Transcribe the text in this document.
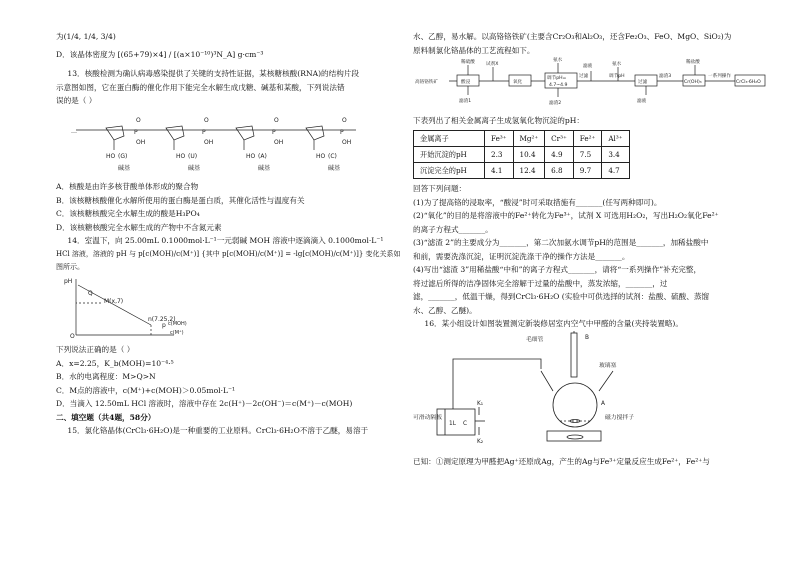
为(1/4, 1/4, 3/4)

D．该晶体密度为 [(65+79)×4] / [(a×10⁻¹⁰)³N_A] g·cm⁻³

13．核酸检测为确认病毒感染提供了关键的支持性证据，某核糖核酸(RNA)的结构片段

示意图如图，它在蛋白酶的催化作用下能完全水解生成戊糖、碱基和某酸，下列说法错

误的是（ ）

…
O
P
OH
O
P
OH
O
P
OH
O
P
OH
HO	HO	HO	HO
(G)	(U)	(A)	(C)
碱基	碱基	碱基	碱基

A．核酸是由许多核苷酸单体形成的聚合物

B．该核糖核酸催化水解所使用的蛋白酶是蛋白质，其催化活性与温度有关

C．该核糖核酸完全水解生成的酸是H₃PO₄

D．该核糖核酸完全水解生成的产物中不含氮元素

14．室温下，向 25.00mL 0.1000mol·L⁻¹一元弱碱 MOH 溶液中逐滴滴入 0.1000mol·L⁻¹

HCl 溶液，溶液的 pH 与 p[c(MOH)/c(M⁺)] {其中 p[c(MOH)/c(M⁺)] = -lg[c(MOH)/c(M⁺)]} 变化关系如图所示。

pH
Q
M(x,7)
n(7.25,2)
O
p c(MOH)
c(M⁺)

下列说法正确的是（ ）

A．x=2.25，K_b(MOH)=10⁻⁴·⁵

B．水的电离程度：M>Q>N

C．M点的溶液中，c(M⁺)+c(MOH)＞0.05mol·L⁻¹

D．当滴入 12.50mL HCl 溶液时，溶液中存在 2c(H⁺)－2c(OH⁻)＝c(M⁺)－c(MOH)

二、填空题（共4题，58分）

15．氯化铬晶体(CrCl₃·6H₂O)是一种重要的工业原料。CrCl₃·6H₂O不溶于乙醚，易溶于

水、乙醇，易水解。以高铬铬铁矿(主要含Cr₂O₃和Al₂O₃，还含Fe₂O₃、FeO、MgO、SiO₂)为

原料制氯化铬晶体的工艺流程如下。

高铬铬铁矿
稀硫酸
酸浸
滤渣1
试剂X
氧化
氨水
调节pH=
4.7~4.9
滤渣2
过滤
滤液	氨水
调节pH
过滤
滤液
滤渣3
稀盐酸
Cr(OH)₃
一系列操作
CrCl₃·6H₂O

下表列出了相关金属离子生成氢氧化物沉淀的pH：

金属离子	Fe³⁺	Mg²⁺	Cr³⁺	Fe²⁺	Al³⁺
开始沉淀的pH	2.3	10.4	4.9	7.5	3.4
沉淀完全的pH	4.1	12.4	6.8	9.7	4.7

回答下列问题：

(1)为了提高铬的浸取率，“酸浸”时可采取措施有_______(任写两种即可)。

(2)“氧化”的目的是将溶液中的Fe²⁺转化为Fe³⁺，试剂 X 可选用H₂O₂，写出H₂O₂氧化Fe²⁺

的离子方程式_______。

(3)“滤渣 2”的主要成分为_______，第二次加氨水调节pH的范围是_______，加稀盐酸中

和前，需要洗涤沉淀，证明沉淀洗涤干净的操作方法是_______。

(4)写出“滤渣 3”用稀盐酸“中和”的离子方程式_______，请将“一系列操作”补充完整，

将过滤后所得的洁净固体完全溶解于过量的盐酸中，蒸发浓缩，_______，过

滤，_______，低温干燥，得到CrCl₃·6H₂O (实验中可供选择的试剂：盐酸、硫酸、蒸馏

水、乙醇、乙醚)。

16．某小组设计如图装置测定新装修居室内空气中甲醛的含量(夹持装置略)。

毛细管	B
玻璃塞
A
磁力搅拌子
可滑动隔板
1L C
K₁
K₂

已知：①测定原理为甲醛把Ag⁺还原成Ag，产生的Ag与Fe³⁺定量反应生成Fe²⁺，Fe²⁺与
